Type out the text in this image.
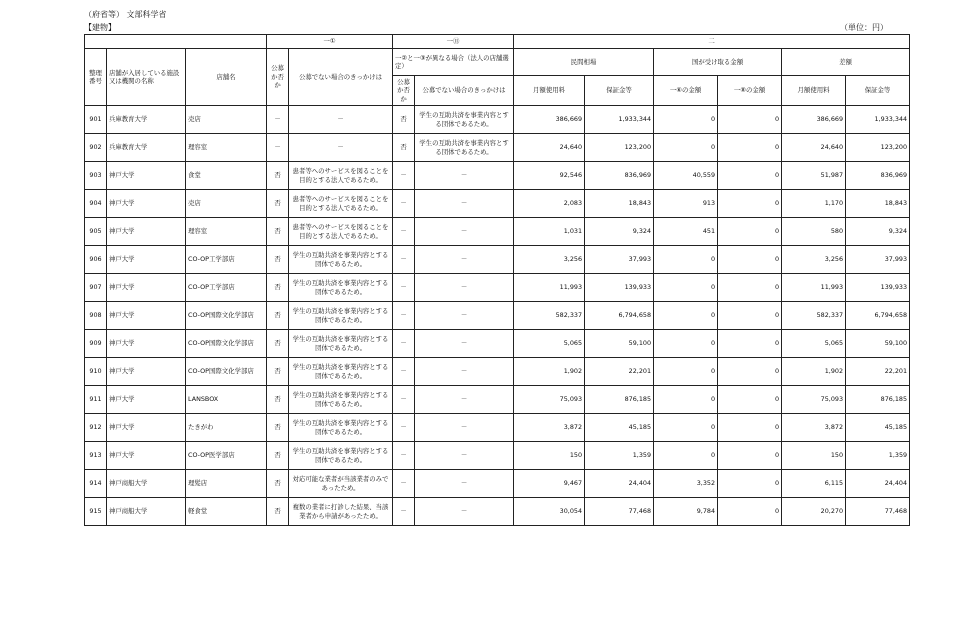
（府省等） 文部科学省
【建物】	（単位：円）
			一①		一⑪		二					
整理番号	店舗が入居している施設又は機関の名称	店舗名	公募か否か	公募でない場合のきっかけは	一②と一③が異なる場合（法人の店舗選定）		民間相場		国が受け取る金額		差額	
					公募か否か	公募でない場合のきっかけは	月額使用料	保証金等	一⑥の金額	一⑧の金額	月額使用料	保証金等
901	兵庫教育大学	売店	－	－	否	学生の互助共済を事業内容とする団体であるため。	386,669	1,933,344	0	0	386,669	1,933,344
902	兵庫教育大学	理容室	－	－	否	学生の互助共済を事業内容とする団体であるため。	24,640	123,200	0	0	24,640	123,200
903	神戸大学	食堂	否	患者等へのサービスを図ることを目的とする法人であるため。	－	－	92,546	836,969	40,559	0	51,987	836,969
904	神戸大学	売店	否	患者等へのサービスを図ることを目的とする法人であるため。	－	－	2,083	18,843	913	0	1,170	18,843
905	神戸大学	理容室	否	患者等へのサービスを図ることを目的とする法人であるため。	－	－	1,031	9,324	451	0	580	9,324
906	神戸大学	CO-OP工学部店	否	学生の互助共済を事業内容とする団体であるため。	－	－	3,256	37,993	0	0	3,256	37,993
907	神戸大学	CO-OP工学部店	否	学生の互助共済を事業内容とする団体であるため。	－	－	11,993	139,933	0	0	11,993	139,933
908	神戸大学	CO-OP国際文化学部店	否	学生の互助共済を事業内容とする団体であるため。	－	－	582,337	6,794,658	0	0	582,337	6,794,658
909	神戸大学	CO-OP国際文化学部店	否	学生の互助共済を事業内容とする団体であるため。	－	－	5,065	59,100	0	0	5,065	59,100
910	神戸大学	CO-OP国際文化学部店	否	学生の互助共済を事業内容とする団体であるため。	－	－	1,902	22,201	0	0	1,902	22,201
911	神戸大学	LANSBOX	否	学生の互助共済を事業内容とする団体であるため。	－	－	75,093	876,185	0	0	75,093	876,185
912	神戸大学	たきがわ	否	学生の互助共済を事業内容とする団体であるため。	－	－	3,872	45,185	0	0	3,872	45,185
913	神戸大学	CO-OP医学部店	否	学生の互助共済を事業内容とする団体であるため。	－	－	150	1,359	0	0	150	1,359
914	神戸商船大学	理髪店	否	対応可能な業者が当該業者のみであったため。	－	－	9,467	24,404	3,352	0	6,115	24,404
915	神戸商船大学	軽食堂	否	複数の業者に打診した結果、当該業者から申請があったため。	－	－	30,054	77,468	9,784	0	20,270	77,468
